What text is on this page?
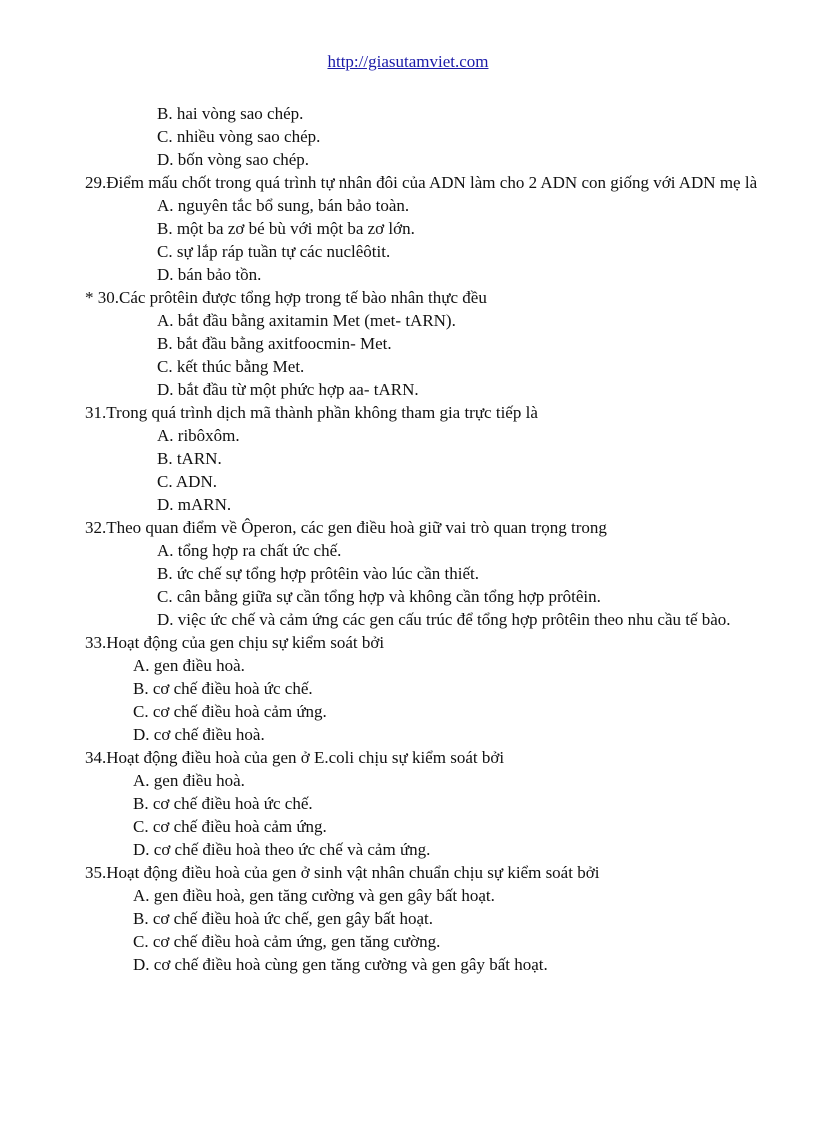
http://giasutamviet.com

B. hai vòng sao chép.

C. nhiều vòng sao chép.

D. bốn vòng sao chép.

29.Điểm mấu chốt trong quá trình tự nhân đôi của ADN làm cho 2 ADN con giống với ADN mẹ là

A. nguyên tắc bổ sung, bán bảo toàn.

B. một ba zơ bé bù với một ba zơ lớn.

C. sự lắp ráp tuần tự các nuclêôtit.

D. bán bảo tồn.

* 30.Các prôtêin được tổng hợp trong tế bào nhân thực đều

A. bắt đầu bằng axitamin Met (met- tARN).

B. bắt đầu bằng axitfoocmin- Met.

C. kết thúc bằng Met.

D. bắt đầu từ một phức hợp aa- tARN.

31.Trong quá trình dịch mã thành phần không tham gia trực tiếp là

A. ribôxôm.

B. tARN.

C. ADN.

D. mARN.

32.Theo quan điểm về Ôperon, các gen điều hoà giữ vai trò quan trọng trong

A. tổng hợp ra chất ức chế.

B. ức chế sự tổng hợp prôtêin vào lúc cần thiết.

C. cân bằng giữa sự cần tổng hợp và không cần tổng hợp prôtêin.

D. việc ức chế và cảm ứng các gen cấu trúc để tổng hợp prôtêin theo nhu cầu tế bào.

33.Hoạt động của gen chịu sự kiểm soát bởi

A. gen điều hoà.

B. cơ chế điều hoà ức chế.

C. cơ chế điều hoà cảm ứng.

D. cơ chế điều hoà.

34.Hoạt động điều hoà của gen ở E.coli chịu sự kiểm soát bởi

A. gen điều hoà.

B. cơ chế điều hoà ức chế.

C. cơ chế điều hoà cảm ứng.

D. cơ chế điều hoà theo ức chế và cảm ứng.

35.Hoạt động điều hoà của gen ở sinh vật nhân chuẩn chịu sự kiểm soát bởi

A. gen điều hoà, gen tăng cường và gen gây bất hoạt.

B. cơ chế điều hoà ức chế, gen gây bất hoạt.

C. cơ chế điều hoà cảm ứng, gen tăng cường.

D. cơ chế điều hoà cùng gen tăng cường và gen gây bất hoạt.
